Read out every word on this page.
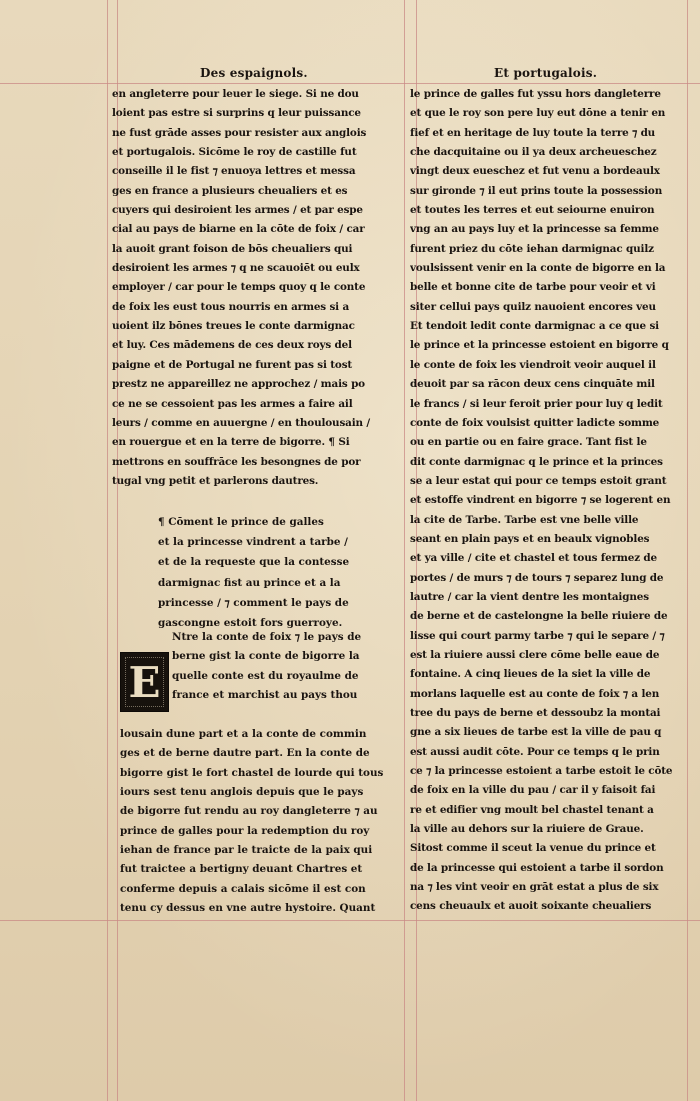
Des espaignols.	Et portugalois.
en angleterre pour leuer le siege. Si ne dou
loient pas estre si surprins q leur puissance
ne fust grāde asses pour resister aux anglois
et portugalois. Sicōme le roy de castille fut
conseille il le fist ⁊ enuoya lettres et messa
ges en france a plusieurs cheualiers et es
cuyers qui desiroient les armes / et par espe
cial au pays de biarne en la cōte de foix / car
la auoit grant foison de bōs cheualiers qui
desiroient les armes ⁊ q ne scauoiēt ou eulx
employer / car pour le temps quoy q le conte
de foix les eust tous nourris en armes si a
uoient ilz bōnes treues le conte darmignac
et luy. Ces mādemens de ces deux roys del
paigne et de Portugal ne furent pas si tost
prestz ne appareillez ne approchez / mais po
ce ne se cessoient pas les armes a faire ail
leurs / comme en auuergne / en thoulousain /
en rouergue et en la terre de bigorre. ¶ Si
mettrons en souffrāce les besongnes de por
tugal vng petit et parlerons dautres.
¶ Cōment le prince de galles
et la princesse vindrent a tarbe /
et de la requeste que la contesse
darmignac fist au prince et a la
princesse / ⁊ comment le pays de
gascongne estoit fors guerroye.
E
Ntre la conte de foix ⁊ le pays de
berne gist la conte de bigorre la
quelle conte est du royaulme de
france et marchist au pays thou
lousain dune part et a la conte de commin
ges et de berne dautre part. En la conte de
bigorre gist le fort chastel de lourde qui tous
iours sest tenu anglois depuis que le pays
de bigorre fut rendu au roy dangleterre ⁊ au
prince de galles pour la redemption du roy
iehan de france par le traicte de la paix qui
fut traictee a bertigny deuant Chartres et
conferme depuis a calais sicōme il est con
tenu cy dessus en vne autre hystoire. Quant
le prince de galles fut yssu hors dangleterre
et que le roy son pere luy eut dōne a tenir en
fief et en heritage de luy toute la terre ⁊ du
che dacquitaine ou il ya deux archeueschez
vingt deux eueschez et fut venu a bordeaulx
sur gironde ⁊ il eut prins toute la possession
et toutes les terres et eut seiourne enuiron
vng an au pays luy et la princesse sa femme
furent priez du cōte iehan darmignac quilz
voulsissent venir en la conte de bigorre en la
belle et bonne cite de tarbe pour veoir et vi
siter cellui pays quilz nauoient encores veu
Et tendoit ledit conte darmignac a ce que si
le prince et la princesse estoient en bigorre q
le conte de foix les viendroit veoir auquel il
deuoit par sa rācon deux cens cinquāte mil
le francs / si leur feroit prier pour luy q ledit
conte de foix voulsist quitter ladicte somme
ou en partie ou en faire grace. Tant fist le
dit conte darmignac q le prince et la princes
se a leur estat qui pour ce temps estoit grant
et estoffe vindrent en bigorre ⁊ se logerent en
la cite de Tarbe. Tarbe est vne belle ville
seant en plain pays et en beaulx vignobles
et ya ville / cite et chastel et tous fermez de
portes / de murs ⁊ de tours ⁊ separez lung de
lautre / car la vient dentre les montaignes
de berne et de castelongne la belle riuiere de
lisse qui court parmy tarbe ⁊ qui le separe / ⁊
est la riuiere aussi clere cōme belle eaue de
fontaine. A cinq lieues de la siet la ville de
morlans laquelle est au conte de foix ⁊ a len
tree du pays de berne et dessoubz la montai
gne a six lieues de tarbe est la ville de pau q
est aussi audit cōte. Pour ce temps q le prin
ce ⁊ la princesse estoient a tarbe estoit le cōte
de foix en la ville du pau / car il y faisoit fai
re et edifier vng moult bel chastel tenant a
la ville au dehors sur la riuiere de Graue.
Sitost comme il sceut la venue du prince et
de la princesse qui estoient a tarbe il sordon
na ⁊ les vint veoir en grāt estat a plus de six
cens cheuaulx et auoit soixante cheualiers
